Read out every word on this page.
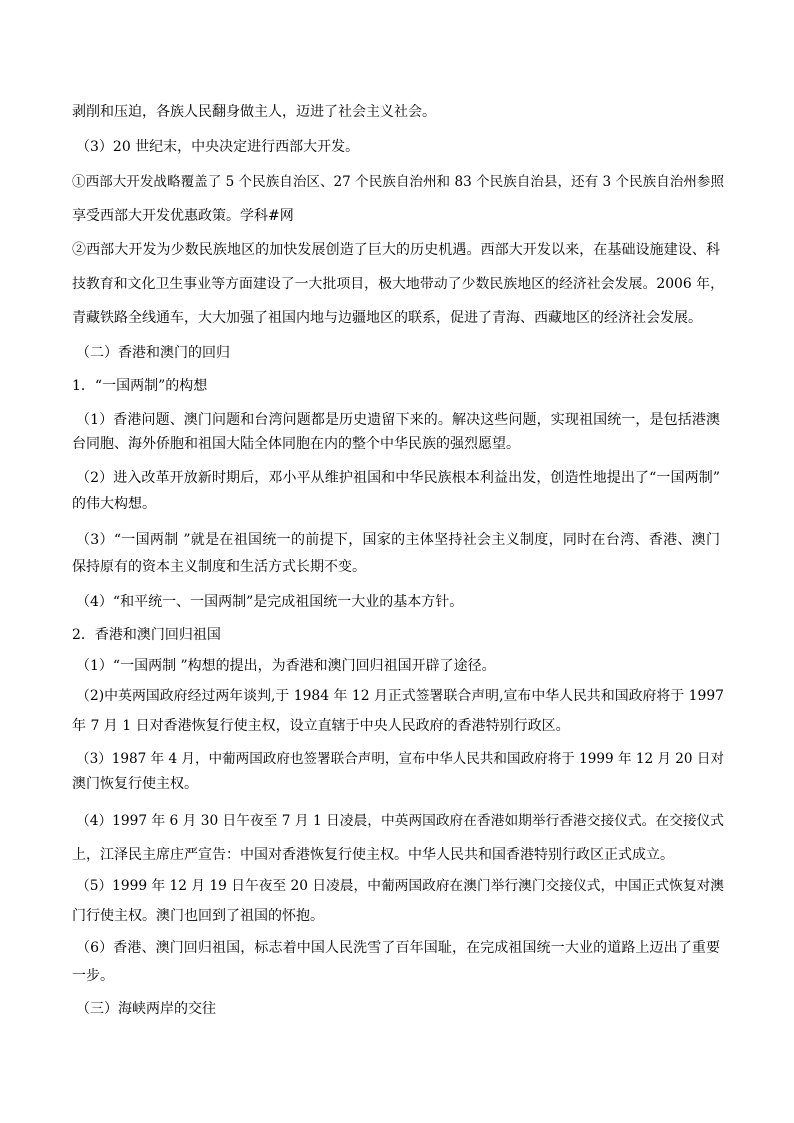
剥削和压迫，各族人民翻身做主人，迈进了社会主义社会。
（3）20 世纪末，中央决定进行西部大开发。
①西部大开发战略覆盖了 5 个民族自治区、27 个民族自治州和 83 个民族自治县，还有 3 个民族自治州参照
享受西部大开发优惠政策。学科#网
②西部大开发为少数民族地区的加快发展创造了巨大的历史机遇。西部大开发以来，在基础设施建设、科
技教育和文化卫生事业等方面建设了一大批项目，极大地带动了少数民族地区的经济社会发展。2006 年，
青藏铁路全线通车，大大加强了祖国内地与边疆地区的联系，促进了青海、西藏地区的经济社会发展。
（二）香港和澳门的回归
1．“一国两制”的构想
（1）香港问题、澳门问题和台湾问题都是历史遗留下来的。解决这些问题，实现祖国统一，是包括港澳
台同胞、海外侨胞和祖国大陆全体同胞在内的整个中华民族的强烈愿望。
（2）进入改革开放新时期后，邓小平从维护祖国和中华民族根本利益出发，创造性地提出了“一国两制”
的伟大构想。
（3）“一国两制 ”就是在祖国统一的前提下，国家的主体坚持社会主义制度，同时在台湾、香港、澳门
保持原有的资本主义制度和生活方式长期不变。
（4）“和平统一、一国两制”是完成祖国统一大业的基本方针。
2．香港和澳门回归祖国
（1）“一国两制 ”构想的提出，为香港和澳门回归祖国开辟了途径。
（2)中英两国政府经过两年谈判,于 1984 年 12 月正式签署联合声明,宣布中华人民共和国政府将于 1997
年 7 月 1 日对香港恢复行使主权，设立直辖于中央人民政府的香港特别行政区。
（3）1987 年 4 月，中葡两国政府也签署联合声明，宣布中华人民共和国政府将于 1999 年 12 月 20 日对
澳门恢复行使主权。
（4）1997 年 6 月 30 日午夜至 7 月 1 日凌晨，中英两国政府在香港如期举行香港交接仪式。在交接仪式
上，江泽民主席庄严宣告：中国对香港恢复行使主权。中华人民共和国香港特别行政区正式成立。
（5）1999 年 12 月 19 日午夜至 20 日凌晨，中葡两国政府在澳门举行澳门交接仪式，中国正式恢复对澳
门行使主权。澳门也回到了祖国的怀抱。
（6）香港、澳门回归祖国，标志着中国人民洗雪了百年国耻，在完成祖国统一大业的道路上迈出了重要
一步。
（三）海峡两岸的交往
